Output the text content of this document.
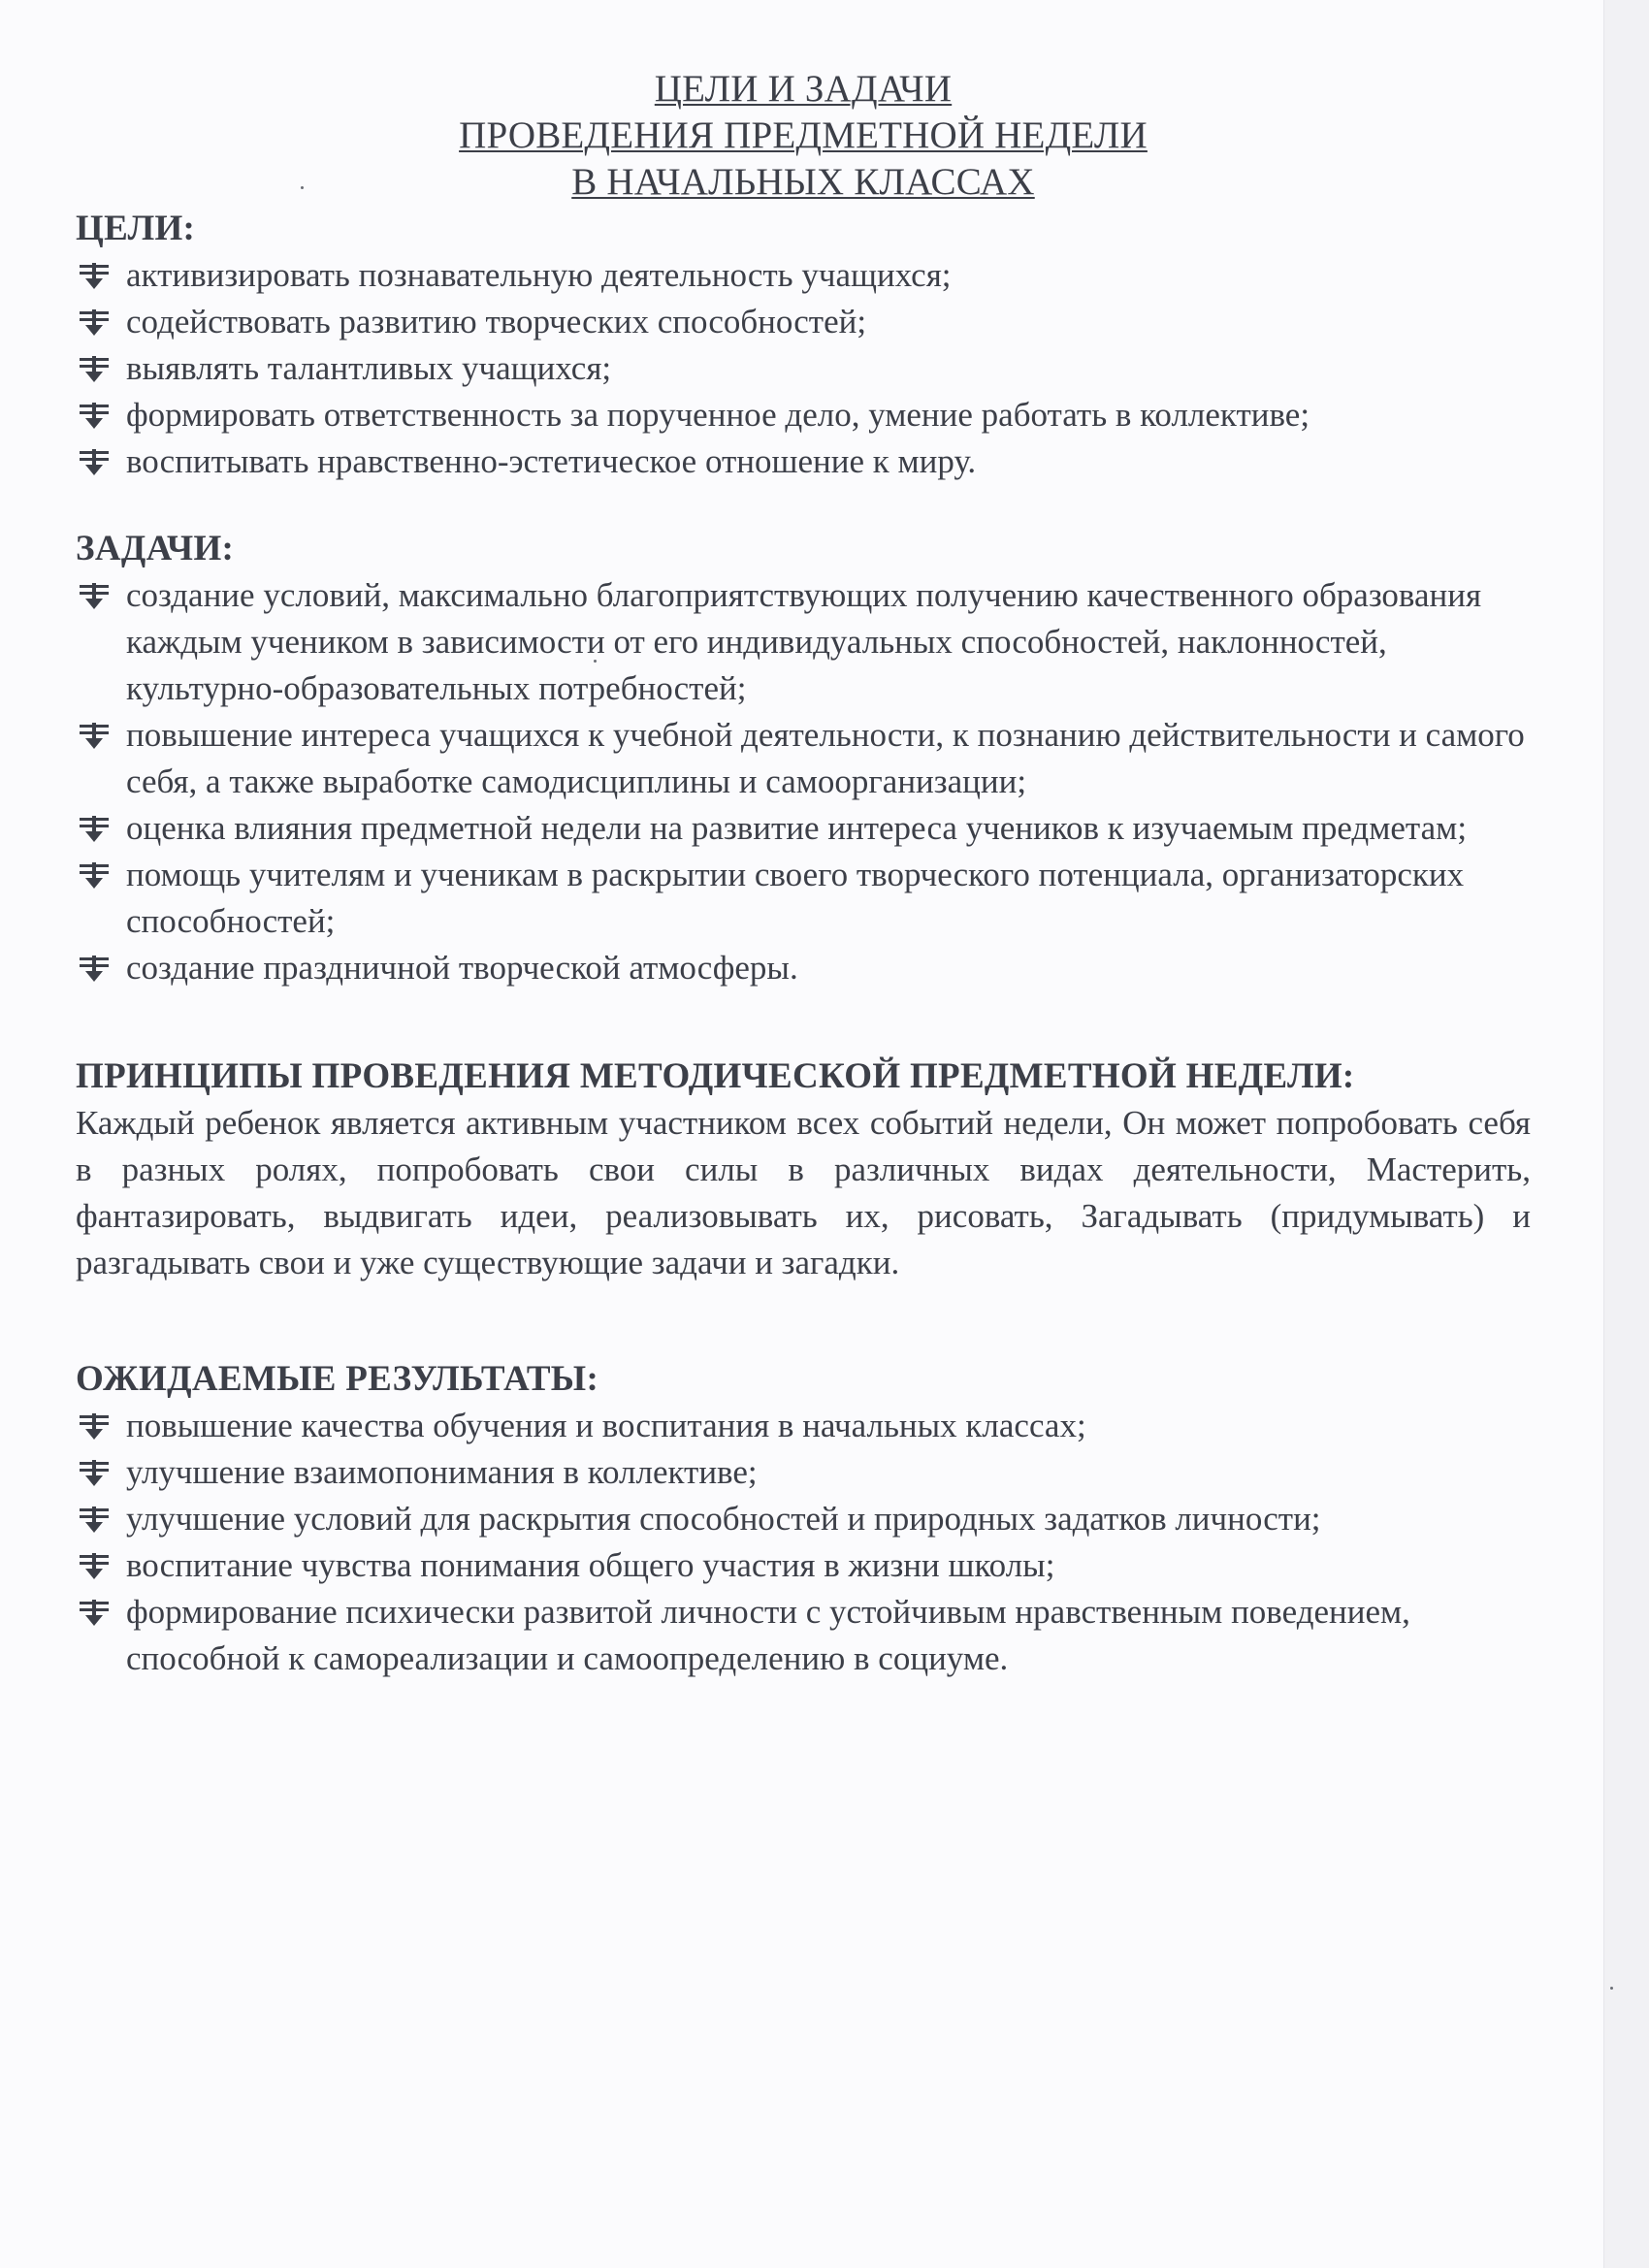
ЦЕЛИ И ЗАДАЧИ

ПРОВЕДЕНИЯ ПРЕДМЕТНОЙ НЕДЕЛИ

В НАЧАЛЬНЫХ КЛАССАХ

ЦЕЛИ:

активизировать познавательную деятельность учащихся;
содействовать развитию творческих способностей;
выявлять талантливых учащихся;
формировать ответственность за порученное дело, умение работать в коллективе;
воспитывать нравственно-эстетическое отношение к миру.

ЗАДАЧИ:

создание условий, максимально благоприятствующих получению качественного образования каждым учеником в зависимости от его индивидуальных способностей, наклонностей, культурно-образовательных потребностей;
повышение интереса учащихся к учебной деятельности, к познанию действительности и самого себя, а также выработке самодисциплины и самоорганизации;
оценка влияния предметной недели на развитие интереса учеников к изучаемым предметам;
помощь учителям и ученикам в раскрытии своего творческого потенциала, организаторских способностей;
создание праздничной творческой атмосферы.

ПРИНЦИПЫ ПРОВЕДЕНИЯ МЕТОДИЧЕСКОЙ ПРЕДМЕТНОЙ НЕДЕЛИ:

Каждый ребенок является активным участником всех событий недели, Он может попробовать себя в разных ролях, попробовать свои силы в различных видах деятельности, Мастерить, фантазировать, выдвигать идеи, реализовывать их, рисовать, Загадывать (придумывать) и разгадывать свои и уже существующие задачи и загадки.

ОЖИДАЕМЫЕ РЕЗУЛЬТАТЫ:

повышение качества обучения и воспитания в начальных классах;
улучшение взаимопонимания в коллективе;
улучшение условий для раскрытия способностей и природных задатков личности;
воспитание чувства понимания общего участия в жизни школы;
формирование психически развитой личности с устойчивым нравственным поведением, способной к самореализации и самоопределению в социуме.
